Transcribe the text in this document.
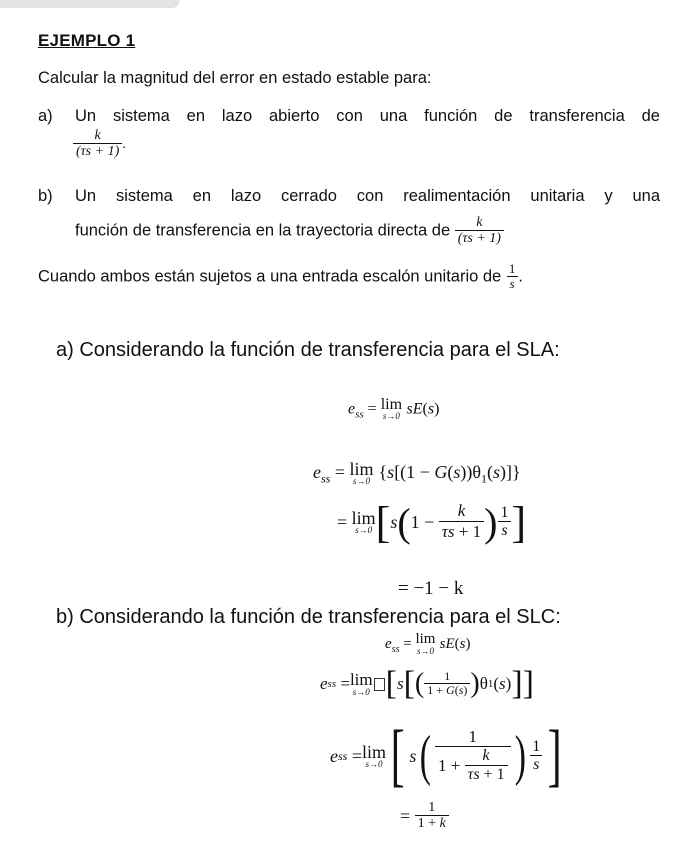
EJEMPLO 1
Calcular la magnitud del error en estado estable para:
a) Un sistema en lazo abierto con una función de transferencia de
$\frac{k}{(\tau s + 1)}$ .
b) Un sistema en lazo cerrado con realimentación unitaria y una
función de transferencia en la trayectoria directa de $\frac{k}{(\tau s + 1)}$
Cuando ambos están sujetos a una entrada escalón unitario de $\frac{1}{s}$ .
a) Considerando la función de transferencia para el SLA:
$e_{ss} = \lim$
s→0 sE(s)
$e_{ss} = \lim$
s→0 $\{s[(1 - G(s))\theta_1(s)]\}$
= lim
s→0 [ s ( $1 - \frac{k}{\tau s + 1}$ ) $\frac{1}{s}$ ]
= −1 − k
b) Considerando la función de transferencia para el SLC:
$e_{ss} = \lim$
s→0 sE(s)
e ss = lim
s→0 [ s [ ( $\frac{1}{1 + G(s)}$ ) θ 1 ( s ) ]]
e ss = lim
s→0 [ s ( $\frac{1}{1 + \frac{k}{\tau s + 1}}$ ) $\frac{1}{s}$ ]
= $\frac{1}{1 + k}$
